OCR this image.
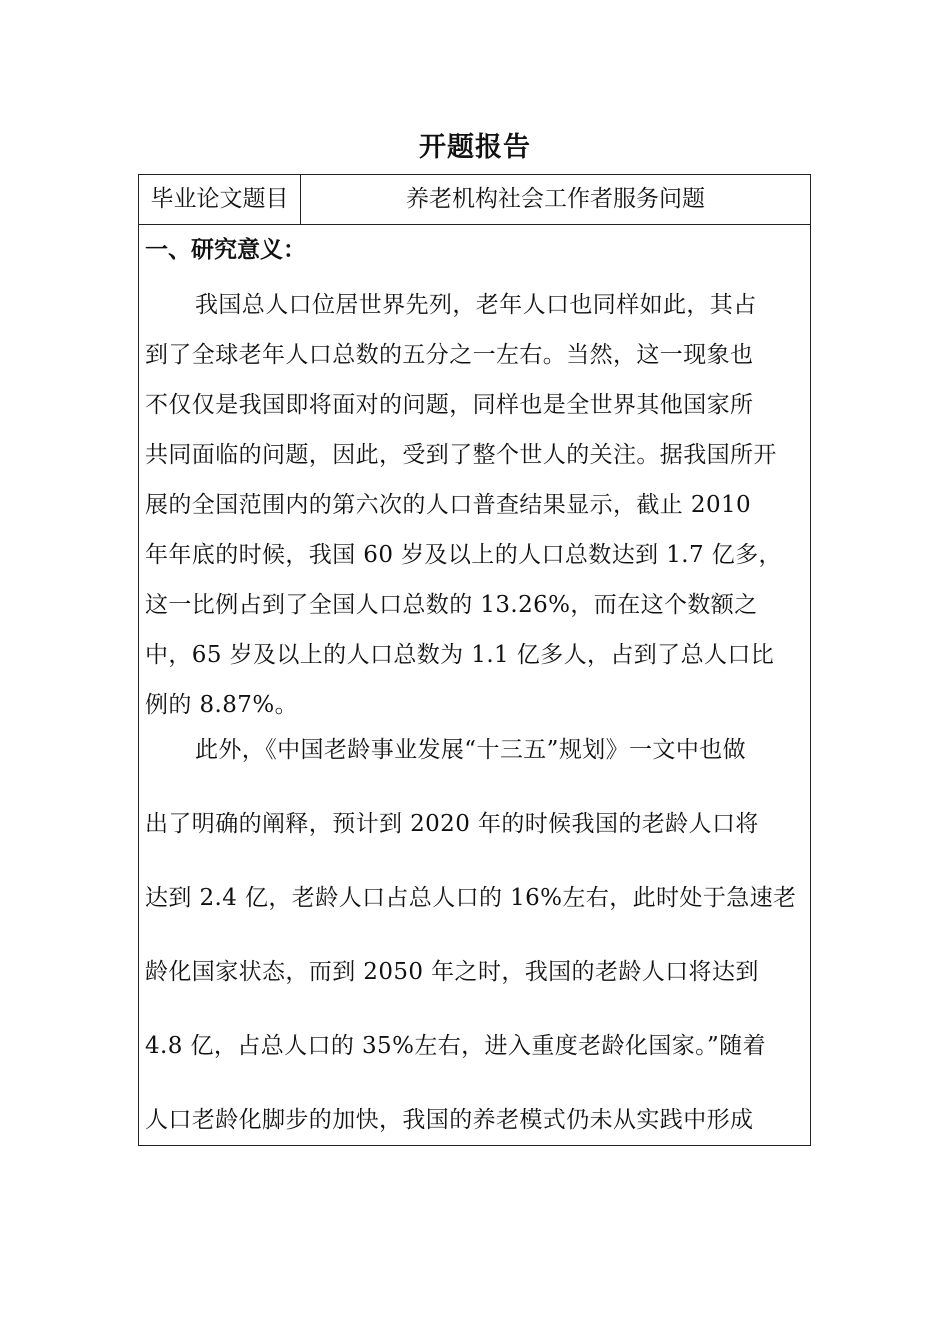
开题报告
毕业论文题目	养老机构社会工作者服务问题
一、研究意义：
我国总人口位居世界先列，老年人口也同样如此，其占
到了全球老年人口总数的五分之一左右。当然，这一现象也
不仅仅是我国即将面对的问题，同样也是全世界其他国家所
共同面临的问题，因此，受到了整个世人的关注。据我国所开
展的全国范围内的第六次的人口普查结果显示，截止 2010
年年底的时候，我国 60 岁及以上的人口总数达到 1.7 亿多，
这一比例占到了全国人口总数的 13.26%，而在这个数额之
中，65 岁及以上的人口总数为 1.1 亿多人，占到了总人口比
例的 8.87%。
此外，《中国老龄事业发展“十三五”规划》一文中也做
出了明确的阐释，预计到 2020 年的时候我国的老龄人口将
达到 2.4 亿，老龄人口占总人口的 16%左右，此时处于急速老
龄化国家状态，而到 2050 年之时，我国的老龄人口将达到
4.8 亿，占总人口的 35%左右，进入重度老龄化国家。”随着
人口老龄化脚步的加快，我国的养老模式仍未从实践中形成
